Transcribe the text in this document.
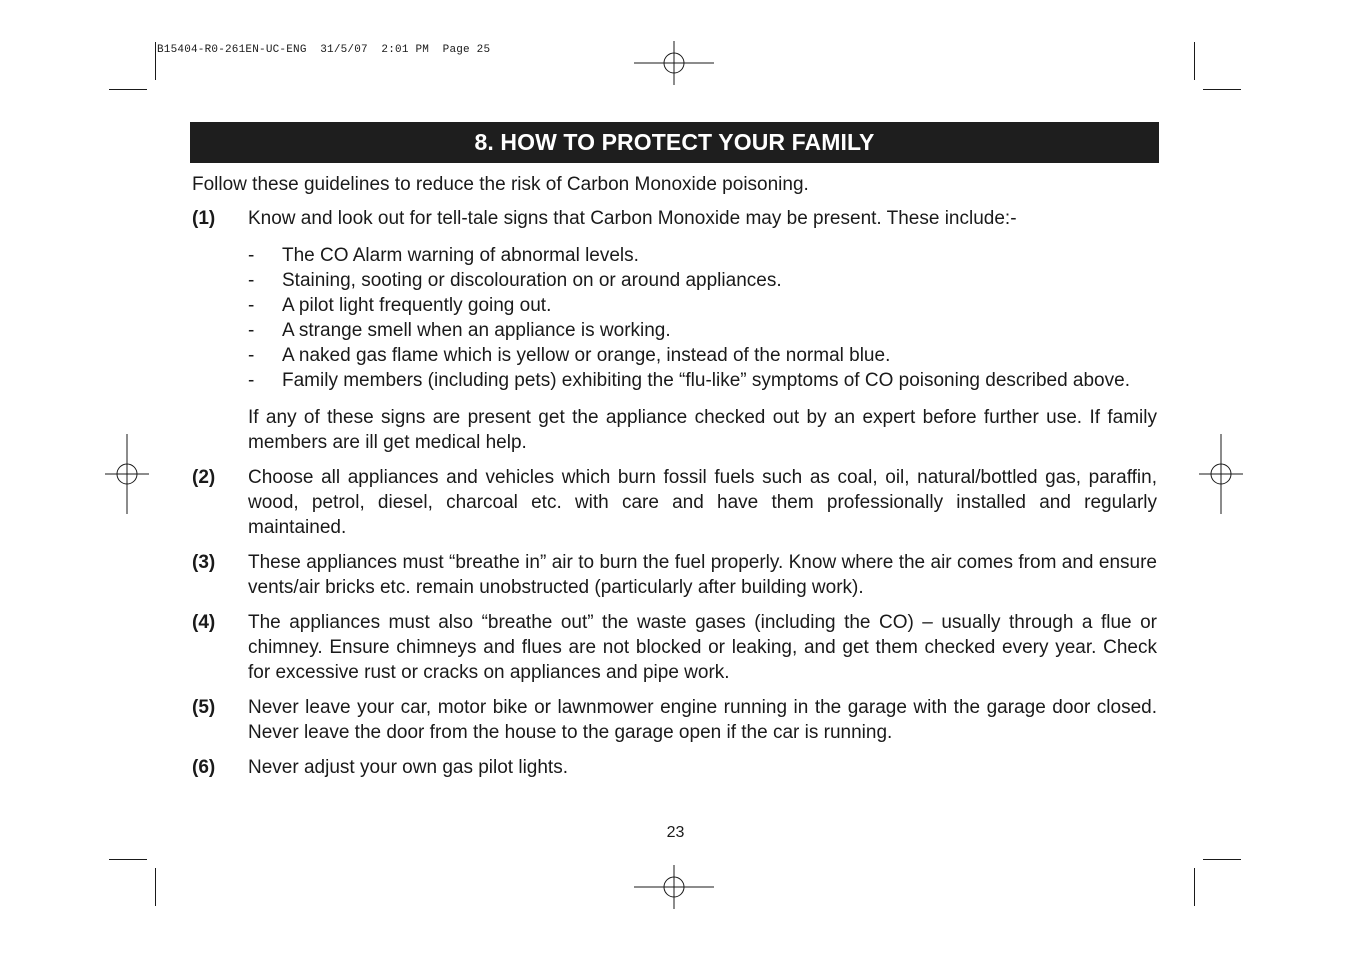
B15404-R0-261EN-UC-ENG  31/5/07  2:01 PM  Page 25
8. HOW TO PROTECT YOUR FAMILY

Follow these guidelines to reduce the risk of Carbon Monoxide poisoning.

(1)	Know and look out for tell-tale signs that Carbon Monoxide may be present. These include:-

-	The CO Alarm warning of abnormal levels.
-	Staining, sooting or discolouration on or around appliances.
-	A pilot light frequently going out.
-	A strange smell when an appliance is working.
-	A naked gas flame which is yellow or orange, instead of the normal blue.
-	Family members (including pets) exhibiting the “flu-like” symptoms of CO poisoning described above.

If any of these signs are present get the appliance checked out by an expert before further use. If family members are ill get medical help.

(2)	Choose all appliances and vehicles which burn fossil fuels such as coal, oil, natural/bottled gas, paraffin, wood, petrol, diesel, charcoal etc. with care and have them professionally installed and regularly maintained.

(3)	These appliances must “breathe in” air to burn the fuel properly. Know where the air comes from and ensure vents/air bricks etc. remain unobstructed (particularly after building work).

(4)	The appliances must also “breathe out” the waste gases (including the CO) – usually through a flue or chimney. Ensure chimneys and flues are not blocked or leaking, and get them checked every year. Check for excessive rust or cracks on appliances and pipe work.

(5)	Never leave your car, motor bike or lawnmower engine running in the garage with the garage door closed. Never leave the door from the house to the garage open if the car is running.

(6)	Never adjust your own gas pilot lights.

23
